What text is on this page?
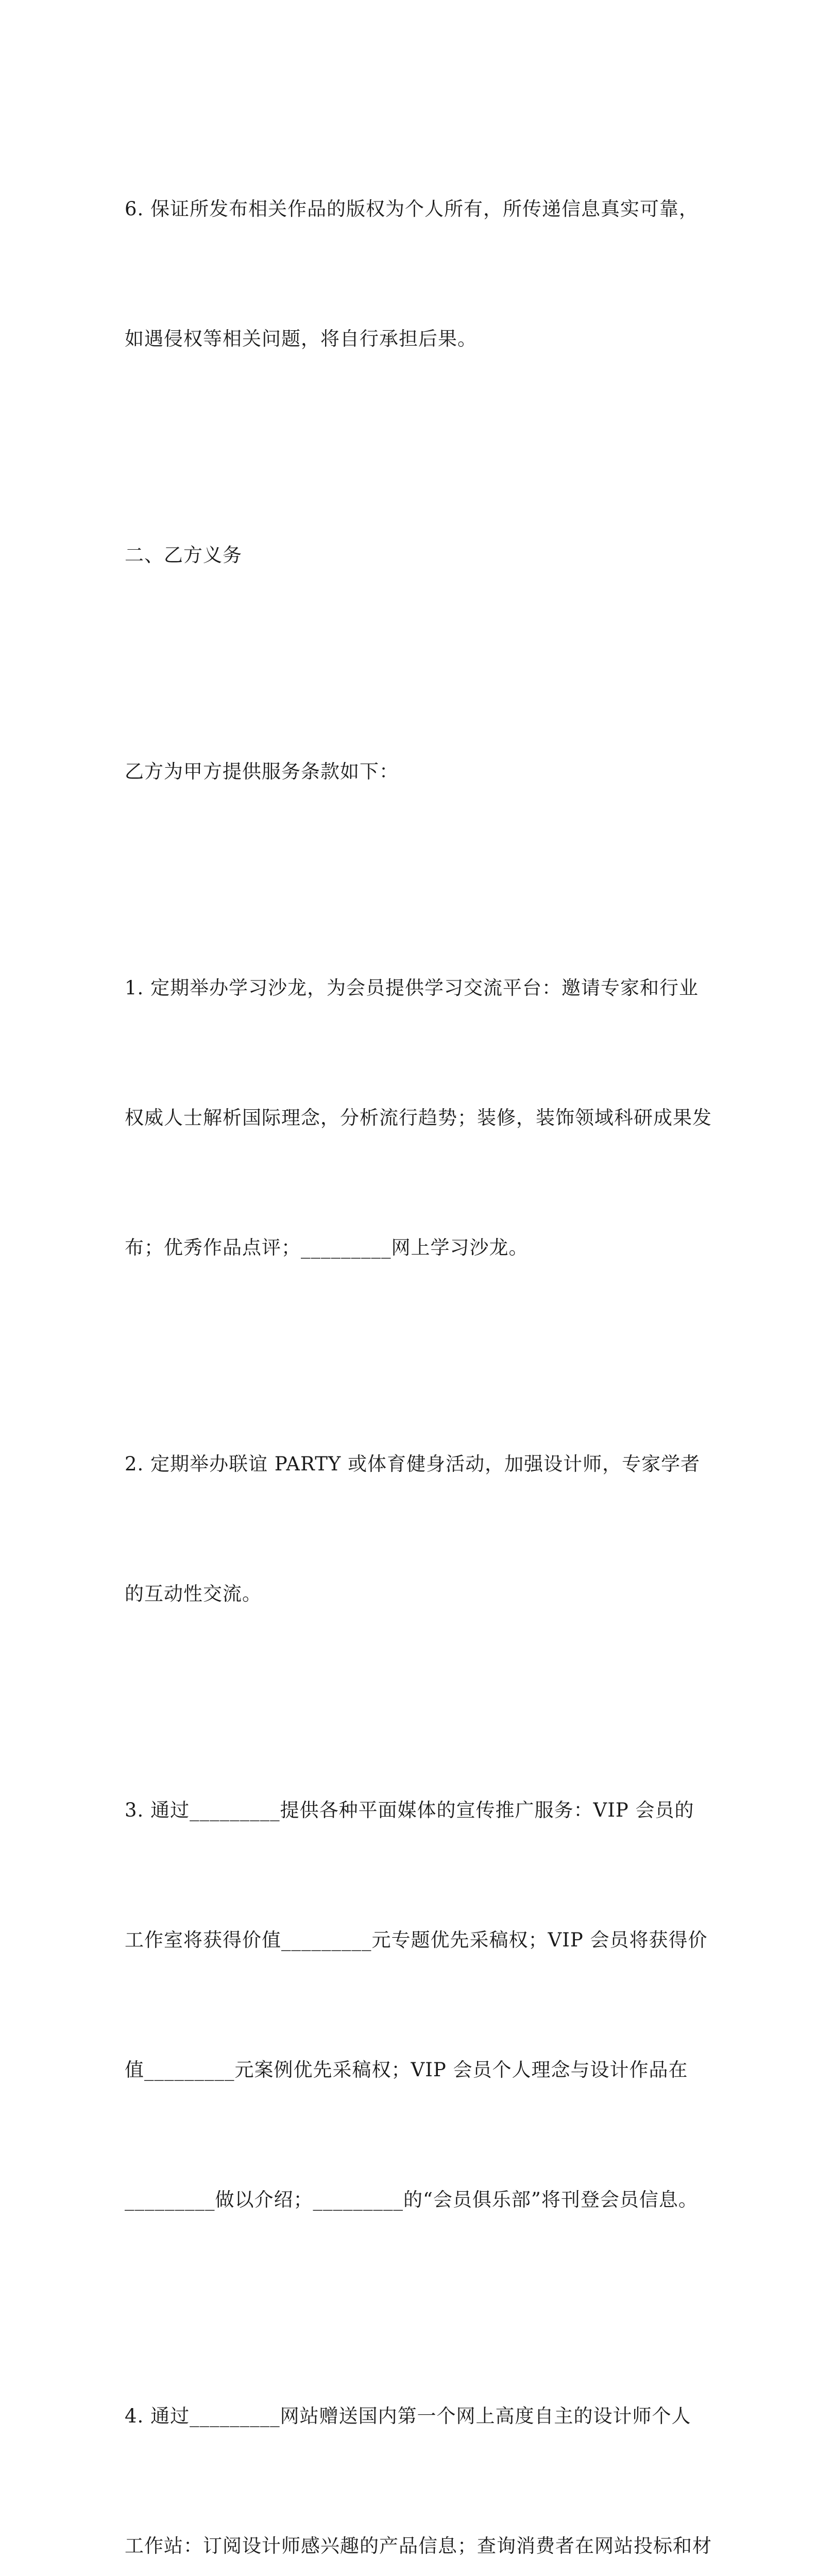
6. 保证所发布相关作品的版权为个人所有，所传递信息真实可靠，

如遇侵权等相关问题，将自行承担后果。

二、乙方义务

乙方为甲方提供服务条款如下：

1. 定期举办学习沙龙，为会员提供学习交流平台：邀请专家和行业

权威人士解析国际理念，分析流行趋势；装修，装饰领域科研成果发

布；优秀作品点评；_________网上学习沙龙。

2. 定期举办联谊 PARTY 或体育健身活动，加强设计师，专家学者

的互动性交流。

3. 通过_________提供各种平面媒体的宣传推广服务：VIP 会员的

工作室将获得价值_________元专题优先采稿权；VIP 会员将获得价

值_________元案例优先采稿权；VIP 会员个人理念与设计作品在

_________做以介绍；_________的“会员俱乐部”将刊登会员信息。

4. 通过_________网站赠送国内第一个网上高度自主的设计师个人

工作站：订阅设计师感兴趣的产品信息；查询消费者在网站投标和材
